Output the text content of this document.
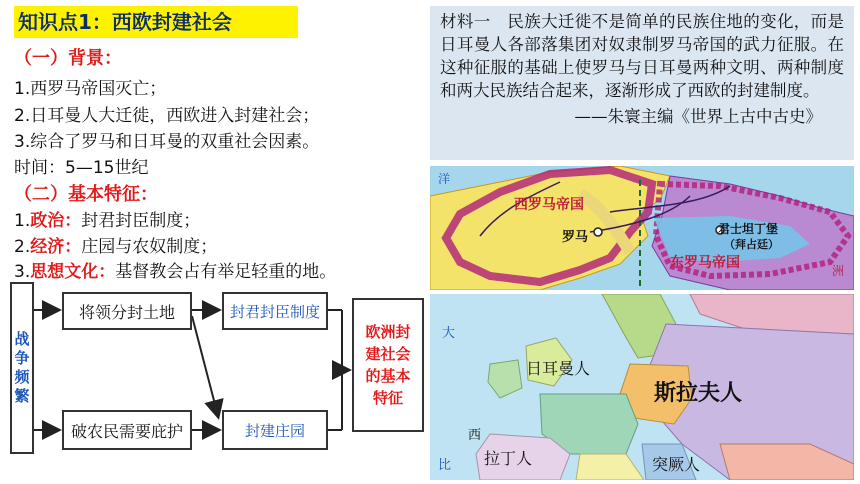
知识点1：西欧封建社会
（一）背景：
1.西罗马帝国灭亡；
2.日耳曼人大迁徙，西欧进入封建社会；
3.综合了罗马和日耳曼的双重社会因素。
时间：5—15世纪
（二）基本特征：
1.政治：封君封臣制度；
2.经济：庄园与农奴制度；
3.思想文化：基督教会占有举足轻重的地。

材料一　民族大迁徙不是简单的民族住地的变化，而是日耳曼人各部落集团对奴隶制罗马帝国的武力征服。在这种征服的基础上使罗马与日耳曼两种文明、两种制度和两大民族结合起来，逐渐形成了西欧的封建制度。

——朱寰主编《世界上古中古史》
洋
西罗马帝国
罗马
君士坦丁堡
（拜占廷）
东罗马帝国	洲
大
日耳曼人
斯拉夫人
西
拉丁人
比	突厥人
战争频繁
将领分封土地	封君封臣制度
破农民需要庇护	封建庄园
欧洲封建社会的基本特征
